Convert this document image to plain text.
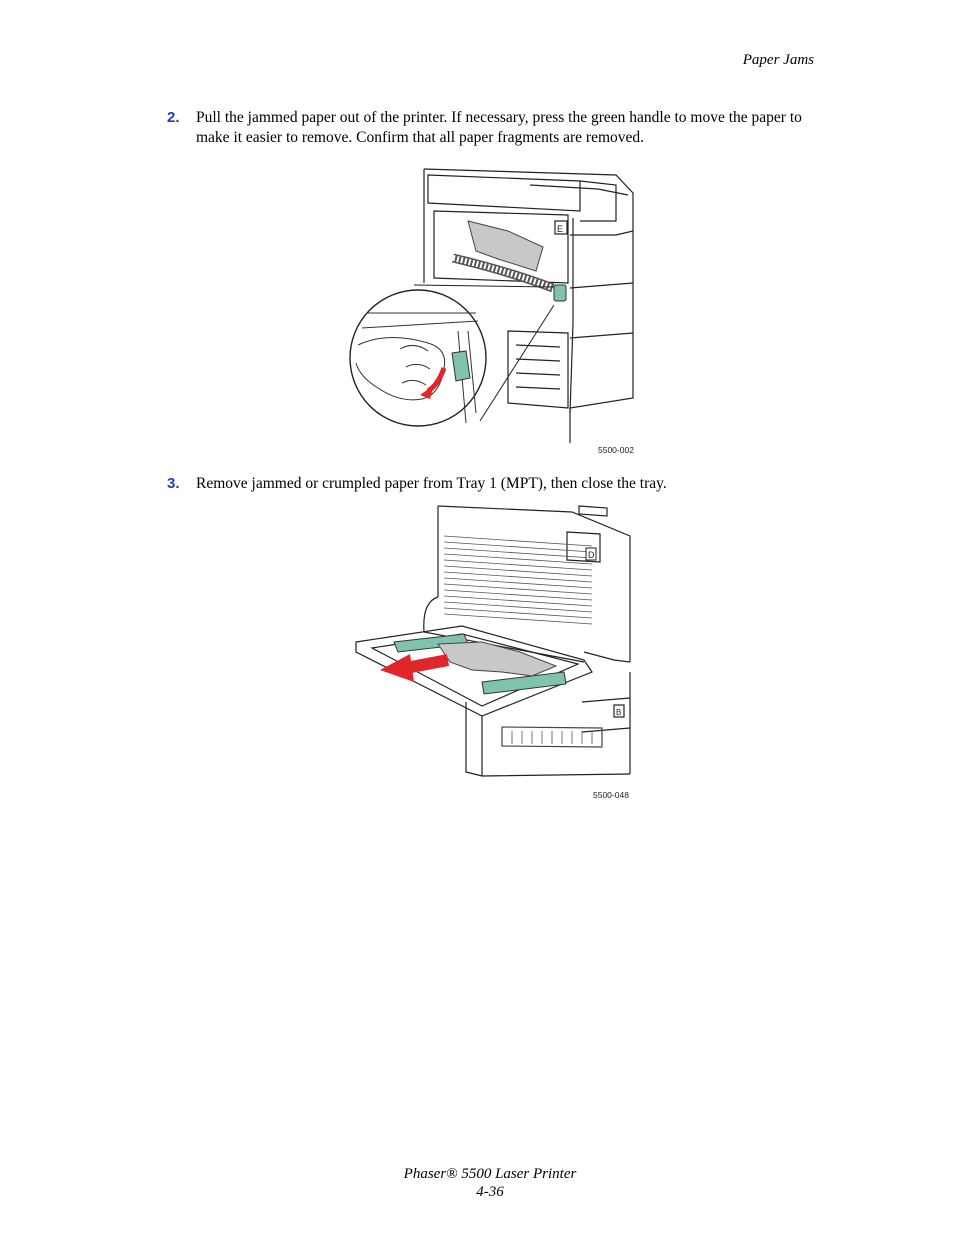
Paper Jams
2. Pull the jammed paper out of the printer. If necessary, press the green handle to move the paper to make it easier to remove. Confirm that all paper fragments are removed.
E
5500-002
3. Remove jammed or crumpled paper from Tray 1 (MPT), then close the tray.
D
B
5500-048
Phaser® 5500 Laser Printer
4-36
